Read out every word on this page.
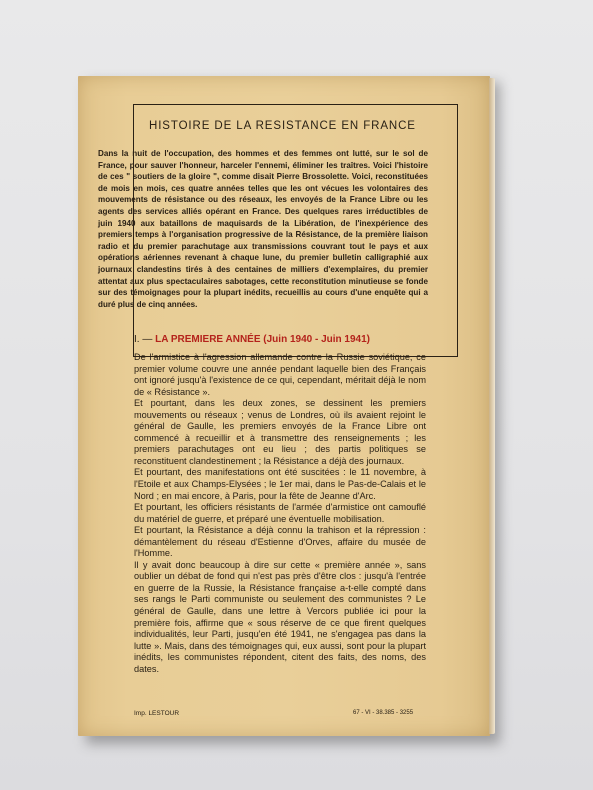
HISTOIRE DE LA RESISTANCE EN FRANCE
Dans la nuit de l'occupation, des hommes et des femmes ont lutté, sur le sol de France, pour sauver l'honneur, harceler l'ennemi, éliminer les traîtres. Voici l'histoire de ces " soutiers de la gloire ", comme disait Pierre Brossolette. Voici, reconstituées de mois en mois, ces quatre années telles que les ont vécues les volontaires des mouvements de résistance ou des réseaux, les envoyés de la France Libre ou les agents des services alliés opérant en France. Des quelques rares irréductibles de juin 1940 aux bataillons de maquisards de la Libération, de l'inexpérience des premiers temps à l'organisation progressive de la Résistance, de la première liaison radio et du premier parachutage aux transmissions couvrant tout le pays et aux opérations aériennes revenant à chaque lune, du premier bulletin calligraphié aux journaux clandestins tirés à des centaines de milliers d'exemplaires, du premier attentat aux plus spectaculaires sabotages, cette reconstitution minutieuse se fonde sur des témoignages pour la plupart inédits, recueillis au cours d'une enquête qui a duré plus de cinq années.
I. — LA PREMIERE ANNÉE (Juin 1940 - Juin 1941)

De l'armistice à l'agression allemande contre la Russie soviétique, ce premier volume couvre une année pendant laquelle bien des Français ont ignoré jusqu'à l'existence de ce qui, cependant, méritait déjà le nom de « Résistance ».

Et pourtant, dans les deux zones, se dessinent les premiers mouvements ou réseaux ; venus de Londres, où ils avaient rejoint le général de Gaulle, les premiers envoyés de la France Libre ont commencé à recueillir et à transmettre des renseignements ; les premiers parachutages ont eu lieu ; des partis politiques se reconstituent clandestinement ; la Résistance a déjà des journaux.

Et pourtant, des manifestations ont été suscitées : le 11 novembre, à l'Etoile et aux Champs-Elysées ; le 1er mai, dans le Pas-de-Calais et le Nord ; en mai encore, à Paris, pour la fête de Jeanne d'Arc.

Et pourtant, les officiers résistants de l'armée d'armistice ont camouflé du matériel de guerre, et préparé une éventuelle mobilisation.

Et pourtant, la Résistance a déjà connu la trahison et la répression : démantèlement du réseau d'Estienne d'Orves, affaire du musée de l'Homme.

Il y avait donc beaucoup à dire sur cette « première année », sans oublier un débat de fond qui n'est pas près d'être clos : jusqu'à l'entrée en guerre de la Russie, la Résistance française a-t-elle compté dans ses rangs le Parti communiste ou seulement des communistes ? Le général de Gaulle, dans une lettre à Vercors publiée ici pour la première fois, affirme que « sous réserve de ce que firent quelques individualités, leur Parti, jusqu'en été 1941, ne s'engagea pas dans la lutte ». Mais, dans des témoignages qui, eux aussi, sont pour la plupart inédits, les communistes répondent, citent des faits, des noms, des dates.

Imp. LESTOUR	67 - VI - 38.385 - 3255
